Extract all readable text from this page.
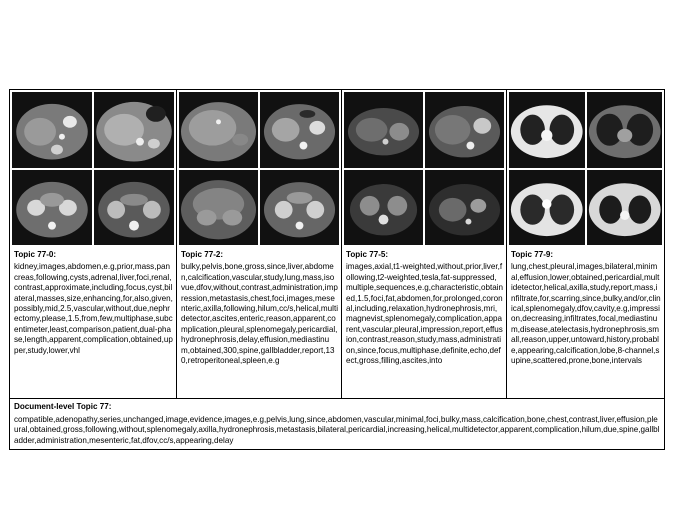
Topic 77-0:
kidney,images,abdomen,e.g,prior,mass,pancreas,following,cysts,adrenal,liver,foci,renal,contrast,approximate,including,focus,cyst,bilateral,masses,size,enhancing,for,also,given,possibly,mid,2.5,vascular,without,due,nephrectomy,please,1.5,from,few,multiphase,subcentimeter,least,comparison,patient,dual-phase,length,apparent,complication,obtained,upper,study,lower,vhl
Topic 77-2:
bulky,pelvis,bone,gross,since,liver,abdomen,calcification,vascular,study,lung,mass,isovue,dfov,without,contrast,administration,impression,metastasis,chest,foci,images,mesenteric,axilla,following,hilum,cc/s,helical,multidetector,ascites,enteric,reason,apparent,complication,pleural,splenomegaly,pericardial,hydronephrosis,delay,effusion,mediastinum,obtained,300,spine,gallbladder,report,130,retroperitoneal,spleen,e.g
Topic 77-5:
images,axial,t1-weighted,without,prior,liver,following,t2-weighted,tesla,fat-suppressed,multiple,sequences,e.g,characteristic,obtained,1.5,foci,fat,abdomen,for,prolonged,coronal,including,relaxation,hydronephrosis,mri,magnevist,splenomegaly,complication,apparent,vascular,pleural,impression,report,effusion,contrast,reason,study,mass,administration,since,focus,multiphase,definite,echo,defect,gross,filling,ascites,into
Topic 77-9:
lung,chest,pleural,images,bilateral,minimal,effusion,lower,obtained,pericardial,multidetector,helical,axilla,study,report,mass,infiltrate,for,scarring,since,bulky,and/or,clinical,splenomegaly,dfov,cavity,e.g,impression,decreasing,infiltrates,focal,mediastinum,disease,atelectasis,hydronephrosis,small,reason,upper,untoward,history,probable,appearing,calcification,lobe,8-channel,supine,scattered,prone,bone,intervals
Document-level Topic 77:
compatible,adenopathy,series,unchanged,image,evidence,images,e.g,pelvis,lung,since,abdomen,vascular,minimal,foci,bulky,mass,calcification,bone,chest,contrast,liver,effusion,pleural,obtained,gross,following,without,splenomegaly,axilla,hydronephrosis,metastasis,bilateral,pericardial,increasing,helical,multidetector,apparent,complication,hilum,due,spine,gallbladder,administration,mesenteric,fat,dfov,cc/s,appearing,delay
